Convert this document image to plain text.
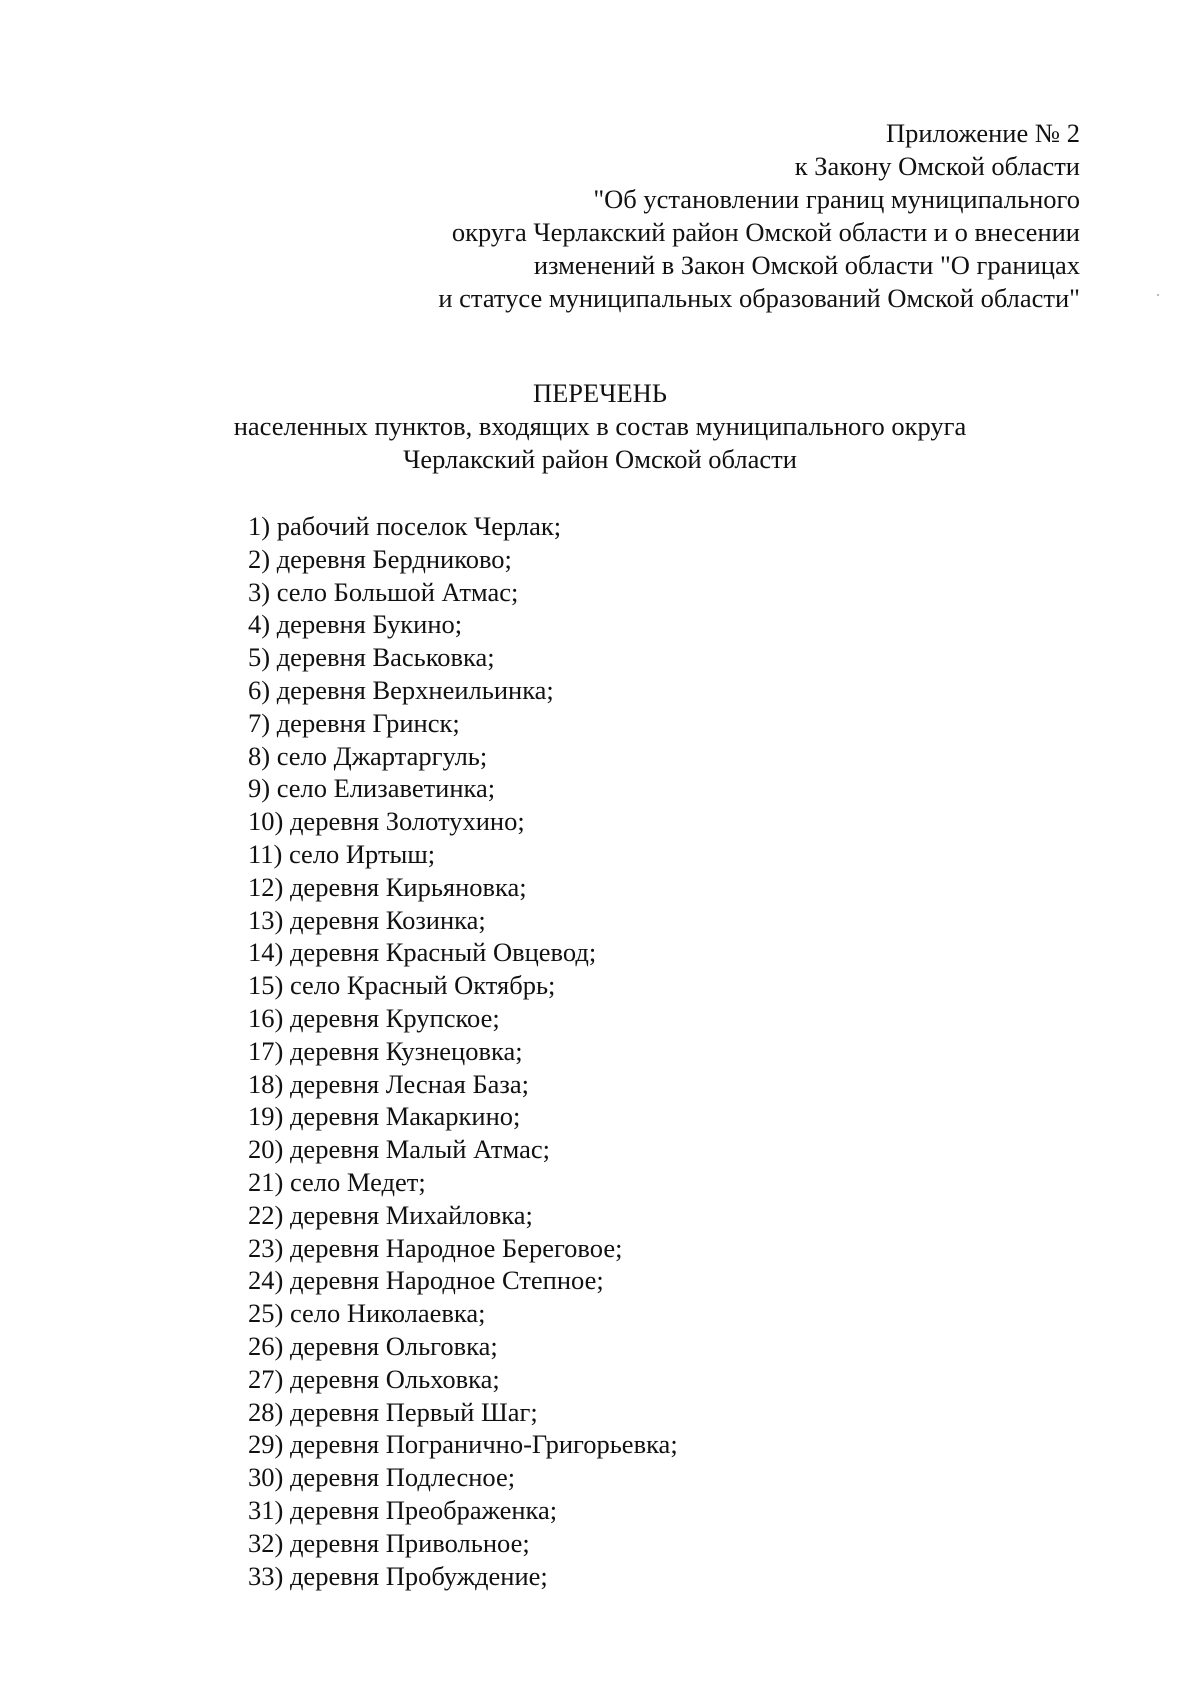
Приложение № 2
к Закону Омской области
"Об установлении границ муниципального
округа Черлакский район Омской области и о внесении
изменений в Закон Омской области "О границах
и статусе муниципальных образований Омской области"
ПЕРЕЧЕНЬ
населенных пунктов, входящих в состав муниципального округа
Черлакский район Омской области
1) рабочий поселок Черлак;
2) деревня Бердниково;
3) село Большой Атмас;
4) деревня Букино;
5) деревня Васьковка;
6) деревня Верхнеильинка;
7) деревня Гринск;
8) село Джартаргуль;
9) село Елизаветинка;
10) деревня Золотухино;
11) село Иртыш;
12) деревня Кирьяновка;
13) деревня Козинка;
14) деревня Красный Овцевод;
15) село Красный Октябрь;
16) деревня Крупское;
17) деревня Кузнецовка;
18) деревня Лесная База;
19) деревня Макаркино;
20) деревня Малый Атмас;
21) село Медет;
22) деревня Михайловка;
23) деревня Народное Береговое;
24) деревня Народное Степное;
25) село Николаевка;
26) деревня Ольговка;
27) деревня Ольховка;
28) деревня Первый Шаг;
29) деревня Погранично-Григорьевка;
30) деревня Подлесное;
31) деревня Преображенка;
32) деревня Привольное;
33) деревня Пробуждение;
